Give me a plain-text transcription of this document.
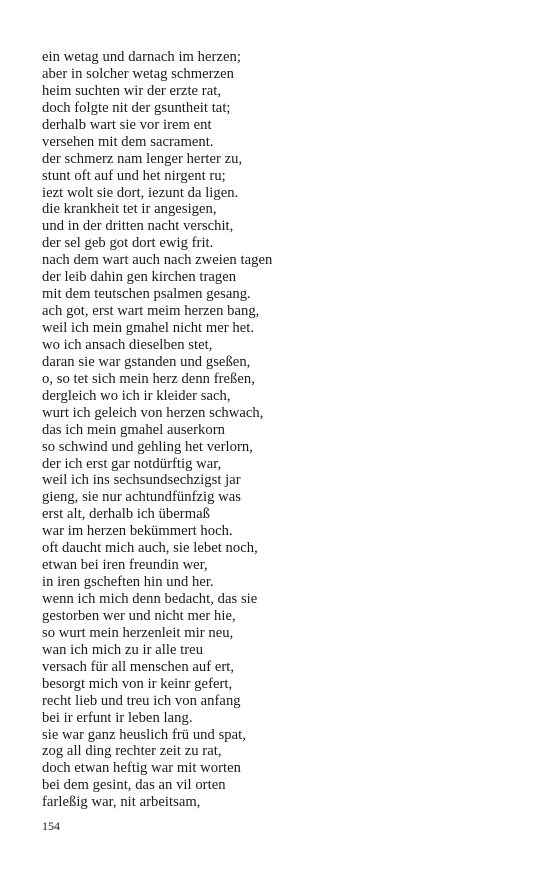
ein wetag und darnach im herzen;
aber in solcher wetag schmerzen
heim suchten wir der erzte rat,
doch folgte nit der gsuntheit tat;
derhalb wart sie vor irem ent
versehen mit dem sacrament.
der schmerz nam lenger herter zu,
stunt oft auf und het nirgent ru;
iezt wolt sie dort, iezunt da ligen.
die krankheit tet ir angesigen,
und in der dritten nacht verschit,
der sel geb got dort ewig frit.
nach dem wart auch nach zweien tagen
der leib dahin gen kirchen tragen
mit dem teutschen psalmen gesang.
ach got, erst wart meim herzen bang,
weil ich mein gmahel nicht mer het.
wo ich ansach dieselben stet,
daran sie war gstanden und gseßen,
o, so tet sich mein herz denn freßen,
dergleich wo ich ir kleider sach,
wurt ich geleich von herzen schwach,
das ich mein gmahel auserkorn
so schwind und gehling het verlorn,
der ich erst gar notdürftig war,
weil ich ins sechsundsechzigst jar
gieng, sie nur achtundfünfzig was
erst alt, derhalb ich übermaß
war im herzen bekümmert hoch.
oft daucht mich auch, sie lebet noch,
etwan bei iren freundin wer,
in iren gscheften hin und her.
wenn ich mich denn bedacht, das sie
gestorben wer und nicht mer hie,
so wurt mein herzenleit mir neu,
wan ich mich zu ir alle treu
versach für all menschen auf ert,
besorgt mich von ir keinr gefert,
recht lieb und treu ich von anfang
bei ir erfunt ir leben lang.
sie war ganz heuslich frü und spat,
zog all ding rechter zeit zu rat,
doch etwan heftig war mit worten
bei dem gesint, das an vil orten
farleßig war, nit arbeitsam,
154
